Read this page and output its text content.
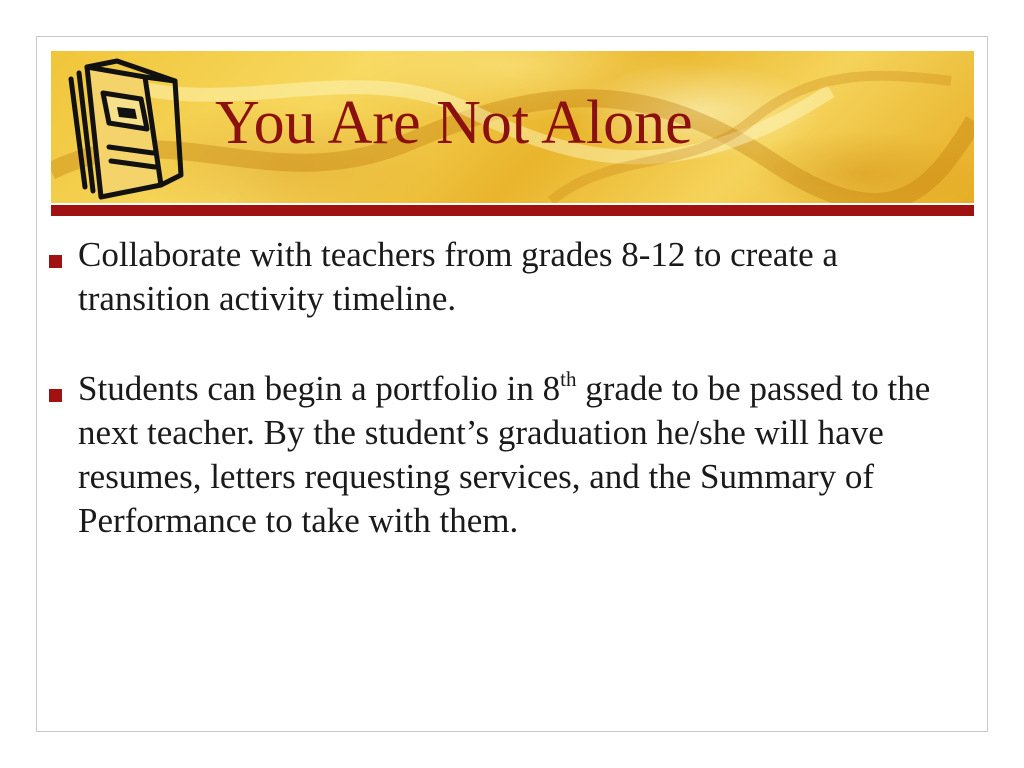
You Are Not Alone
Collaborate with teachers from grades 8-12 to create a transition activity timeline.
Students can begin a portfolio in 8th grade to be passed to the next teacher. By the student’s graduation he/she will have resumes, letters requesting services, and the Summary of Performance to take with them.
